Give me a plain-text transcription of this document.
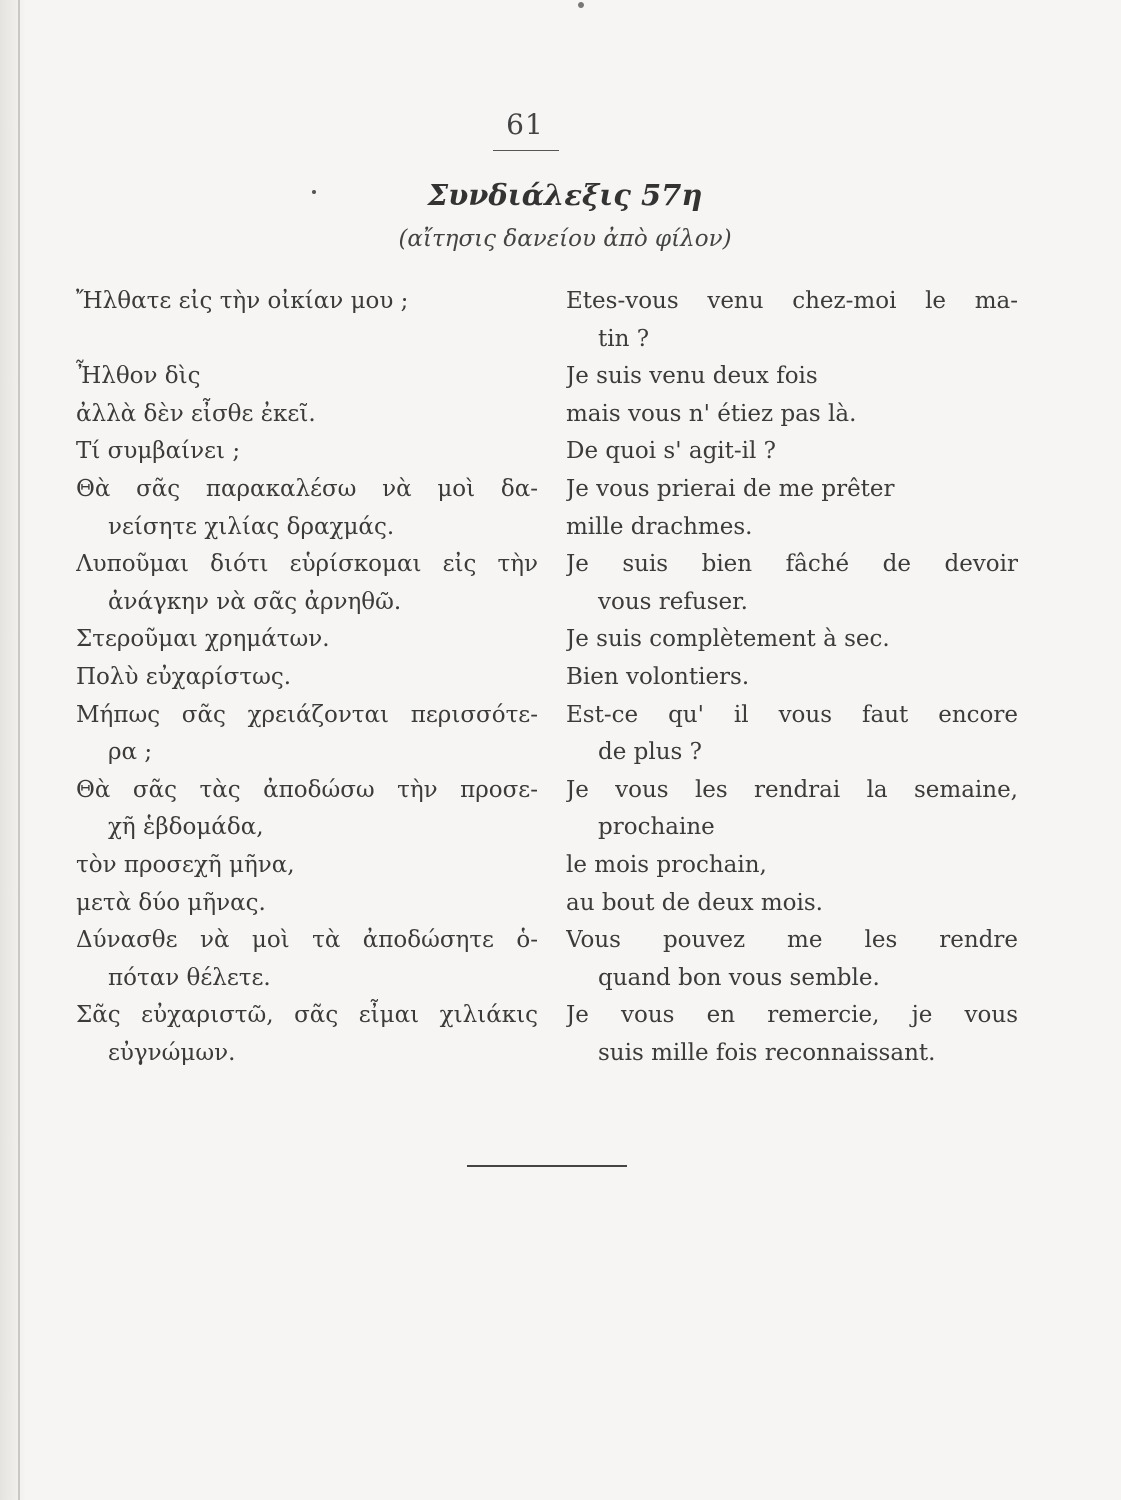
61
Συνδιάλεξις 57η
(αἴτησις δανείου ἀπὸ φίλον)
Ἤλθατε εἰς τὴν οἰκίαν μου ;
Ἦλθον δὶς
ἀλλὰ δὲν εἶσθε ἐκεῖ.
Τί συμβαίνει ;
Θὰ σᾶς παρακαλέσω νὰ μοὶ δα-
νείσητε χιλίας δραχμάς.
Λυποῦμαι διότι εὑρίσκομαι εἰς τὴν
ἀνάγκην νὰ σᾶς ἀρνηθῶ.
Στεροῦμαι χρημάτων.
Πολὺ εὐχαρίστως.
Μήπως σᾶς χρειάζονται περισσότε-
ρα ;
Θὰ σᾶς τὰς ἀποδώσω τὴν προσε-
χῆ ἑβδομάδα,
τὸν προσεχῆ μῆνα,
μετὰ δύο μῆνας.
Δύνασθε νὰ μοὶ τὰ ἀποδώσητε ὁ-
πόταν θέλετε.
Σᾶς εὐχαριστῶ, σᾶς εἶμαι χιλιάκις
εὐγνώμων.
Etes-vous venu chez-moi le ma-
tin ?
Je suis venu deux fois
mais vous n' étiez pas là.
De quoi s' agit-il ?
Je vous prierai de me prêter
mille drachmes.
Je suis bien fâché de devoir
vous refuser.
Je suis complètement à sec.
Bien volontiers.
Est-ce qu' il vous faut encore
de plus ?
Je vous les rendrai la semaine,
prochaine
le mois prochain,
au bout de deux mois.
Vous pouvez me les rendre
quand bon vous semble.
Je vous en remercie, je vous
suis mille fois reconnaissant.
